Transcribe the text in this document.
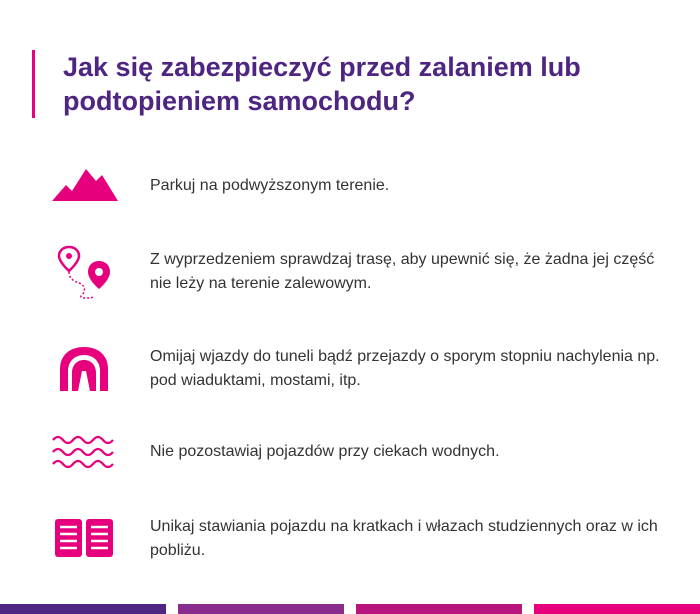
Jak się zabezpieczyć przed zalaniem lub podtopieniem samochodu?

Parkuj na podwyższonym terenie.

Z wyprzedzeniem sprawdzaj trasę, aby upewnić się, że żadna jej część nie leży na terenie zalewowym.

Omijaj wjazdy do tuneli bądź przejazdy o sporym stopniu nachylenia np. pod wiaduktami, mostami, itp.

Nie pozostawiaj pojazdów przy ciekach wodnych.

Unikaj stawiania pojazdu na kratkach i włazach studziennych oraz w ich pobliżu.
